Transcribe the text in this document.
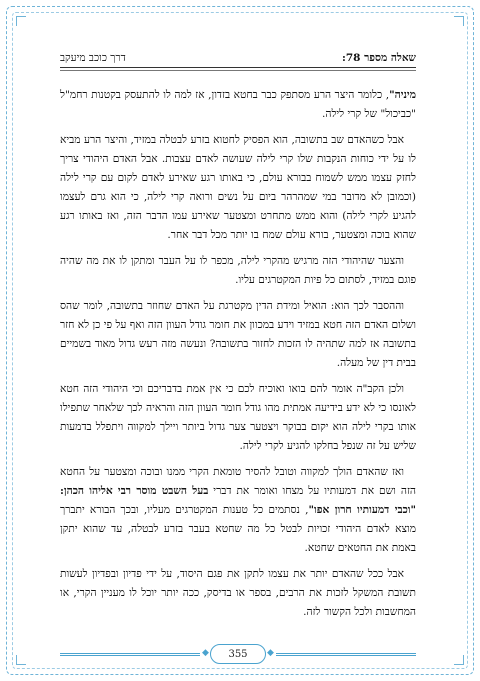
שאלה מספר 78:
דרך כוכב מיעקב

מיניה", כלומר היצר הרע מסתפק כבר בחטא בזדון, אז למה לו להתעסק בקטנות רחמ"ל "כביכול" של קרי לילה.

אבל כשהאדם שב בתשובה, הוא הפסיק לחטוא בזרע לבטלה במזיד, והיצר הרע מביא לו על ידי כוחות הנקבות שלו קרי לילה שעושה לאדם עצבות. אבל האדם היהודי צריך לחזק עצמו ממש לשמוח בבורא עולם, כי באותו רגע שאירע לאדם לקום עם קרי לילה (וכמובן לא מדובר במי שמהרהר ביום על נשים ורואה קרי לילה, כי הוא גרם לעצמו להגיע לקרי לילה) והוא ממש מתחרט ומצטער שאירע עמו הדבר הזה, ואז באותו רגע שהוא בוכה ומצטער, בורא עולם שמח בו יותר מכל דבר אחר.

והצער שהיהודי הזה מרגיש מהקרי לילה, מכפר לו על העבר ומתקן לו את מה שהיה פוגם במזיד, לסתום כל פיות המקטרגים עליו.

וההסבר לכך הוא: הואיל ומידת הדין מקטרגת על האדם שחוזר בתשובה, לומר שהס ושלום האדם הזה חטא במזיד וידע במכוון את חומר גודל העוון הזה ואף על פי כן לא חזר בתשובה אז למה שתהיה לו הזכות לחזור בתשובה? ונעשה מזה רעש גדול מאוד בשמיים בבית דין של מעלה.

ולכן הקב"ה אומר להם בואו ואוכיח לכם כי אין אמת בדבריכם וכי היהודי הזה חטא לאונסו כי לא ידע בידיעה אמתית מהו גודל חומר העוון הזה והראיה לכך שלאחר שתפילו אותו בקרי לילה הוא יקום בבוקר ויצטער צער גדול ביותר ויילך למקווה ויתפלל בדמעות שליש על זה שנפל בחלקו להגיע לקרי לילה.

ואז שהאדם הולך למקווה וטובל להסיר טומאת הקרי ממנו ובוכה ומצטער על החטא הזה ושם את דמעותיו על מצחו ואומר את דברי בעל השבט מוסר רבי אליהו הכהן: "וכבי דמעותיו חרון אפו", נסתמים כל טענות המקטרגים מעליו, ובכך הבורא יתברך מוצא לאדם היהודי זכויות לבטל כל מה שחטא בעבר בזרע לבטלה, עד שהוא יתקן באמת את החטאים שחטא.

אבל ככל שהאדם יותר את עצמו לתקן את פגם היסוד, על ידי פדיון ובפדיון לעשות תשובת המשקל לזכות את הרבים, בספר או בדיסק, ככה יותר יוכל לו מעניין הקרי, או המחשבות ולכל הקשור לזה.

◆ 355 ◆
